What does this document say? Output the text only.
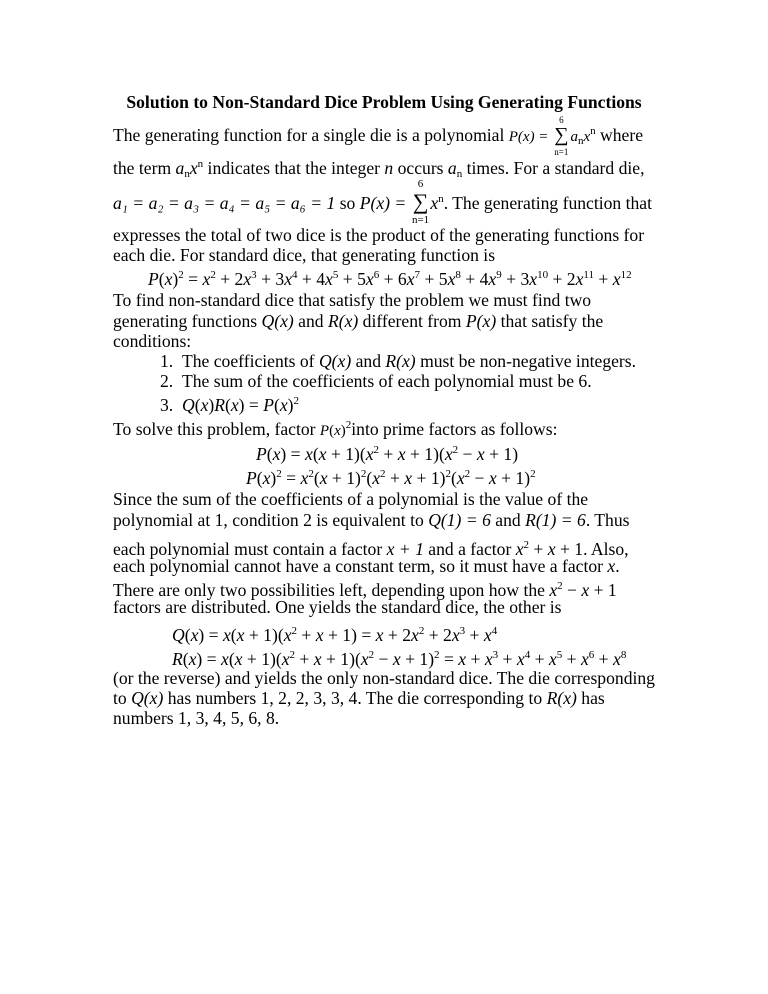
Solution to Non-Standard Dice Problem Using Generating Functions
The generating function for a single die is a polynomial P(x) = ∑
6
n=1
$a_nx^n$ where
the term $a_nx^n$ indicates that the integer n occurs $a_n$ times. For a standard die,
a₁ = a₂ = a₃ = a₄ = a₅ = a₆ = 1 so P(x) = ∑
6
n=1
$x^n$. The generating function that
expresses the total of two dice is the product of the generating functions for
each die. For standard dice, that generating function is
$P(x)^2 = x^2 + 2x^3 + 3x^4 + 4x^5 + 5x^6 + 6x^7 + 5x^8 + 4x^9 + 3x^{10} + 2x^{11} + x^{12}$
To find non-standard dice that satisfy the problem we must find two
generating functions Q(x) and R(x) different from P(x) that satisfy the
conditions:
1. The coefficients of Q(x) and R(x) must be non-negative integers.
2. The sum of the coefficients of each polynomial must be 6.
3. $Q(x)R(x) = P(x)^2$
To solve this problem, factor $P(x)^2into$ prime factors as follows:
$P(x) = x(x + 1)(x^2 + x + 1)(x^2 - x + 1)$
$P(x)^2 = x^2(x + 1)^2(x^2 + x + 1)^2(x^2 - x + 1)^2$
Since the sum of the coefficients of a polynomial is the value of the
polynomial at 1, condition 2 is equivalent to Q(1) = 6 and R(1) = 6. Thus
each polynomial must contain a factor x + 1 and a factor $x^2 + x + 1$. Also,
each polynomial cannot have a constant term, so it must have a factor x.
There are only two possibilities left, depending upon how the $x^2 - x + 1$
factors are distributed. One yields the standard dice, the other is
$Q(x) = x(x + 1)(x^2 + x + 1) = x + 2x^2 + 2x^3 + x^4$
$R(x) = x(x + 1)(x^2 + x + 1)(x^2 - x + 1)^2 = x + x^3 + x^4 + x^5 + x^6 + x^8$
(or the reverse) and yields the only non-standard dice. The die corresponding
to Q(x) has numbers 1, 2, 2, 3, 3, 4. The die corresponding to R(x) has
numbers 1, 3, 4, 5, 6, 8.
